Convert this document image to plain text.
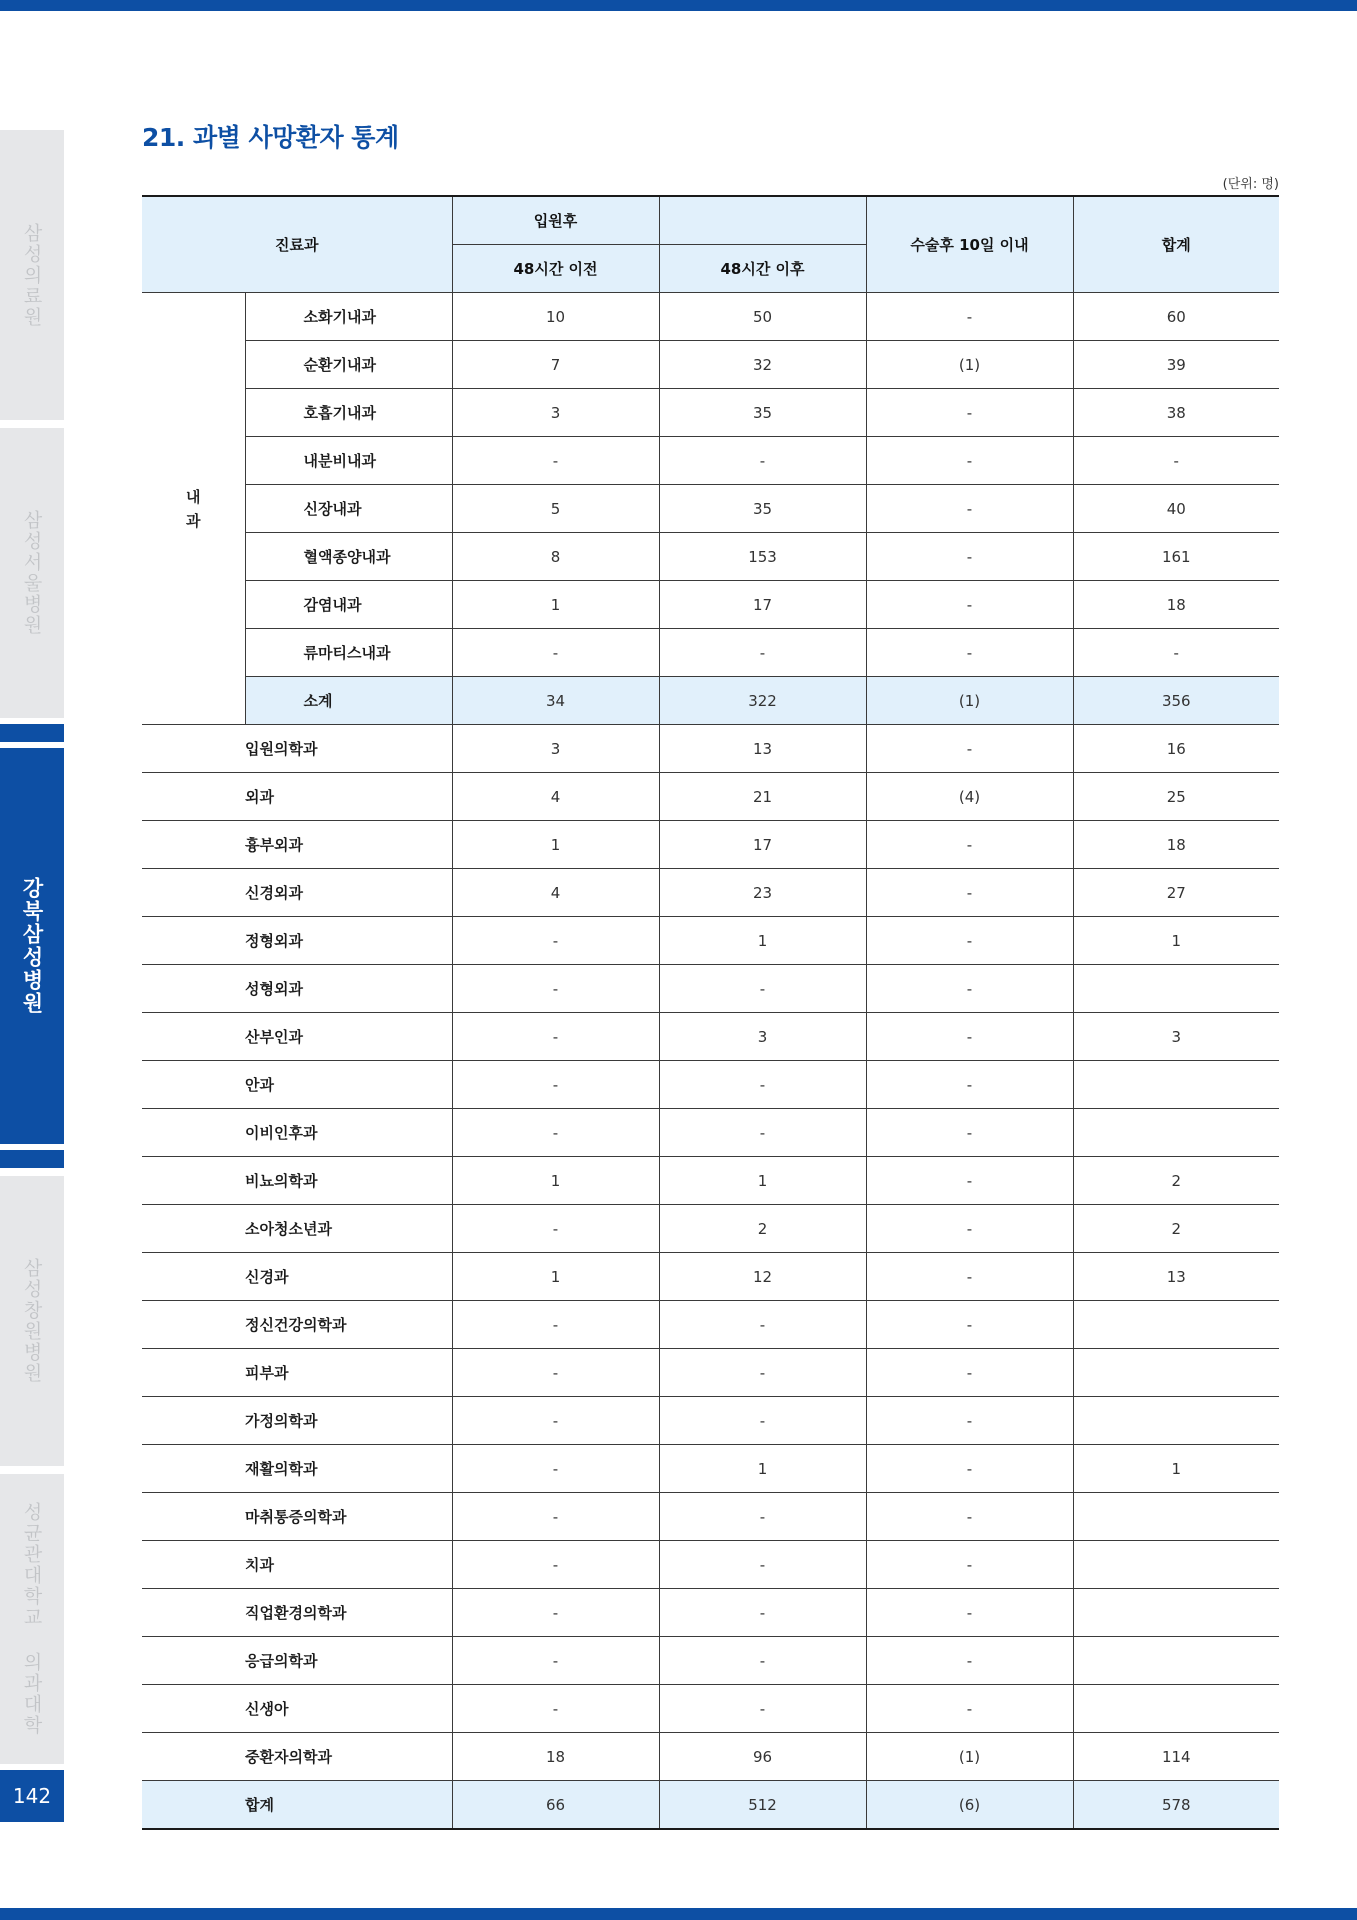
삼성의료원
삼성서울병원
강북삼성병원
삼성창원병원
성균관대학교 의과대학
142
21. 과별 사망환자 통계
(단위: 명)
진료과		입원후		수술후 10일 이내	합계
		48시간 이전	48시간 이후		

내
과	소화기내과	10	50	-	60
	순환기내과	7	32	(1)	39
	호흡기내과	3	35	-	38
	내분비내과	-	-	-	-
	신장내과	5	35	-	40
	혈액종양내과	8	153	-	161
	감염내과	1	17	-	18
	류마티스내과	-	-	-	-
	소계	34	322	(1)	356
입원의학과		3	13	-	16
외과		4	21	(4)	25
흉부외과		1	17	-	18
신경외과		4	23	-	27
정형외과		-	1	-	1
성형외과		-	-	-	
산부인과		-	3	-	3
안과		-	-	-	
이비인후과		-	-	-	
비뇨의학과		1	1	-	2
소아청소년과		-	2	-	2
신경과		1	12	-	13
정신건강의학과		-	-	-	
피부과		-	-	-	
가정의학과		-	-	-	
재활의학과		-	1	-	1
마취통증의학과		-	-	-	
치과		-	-	-	
직업환경의학과		-	-	-	
응급의학과		-	-	-	
신생아		-	-	-	
중환자의학과		18	96	(1)	114
합계		66	512	(6)	578
